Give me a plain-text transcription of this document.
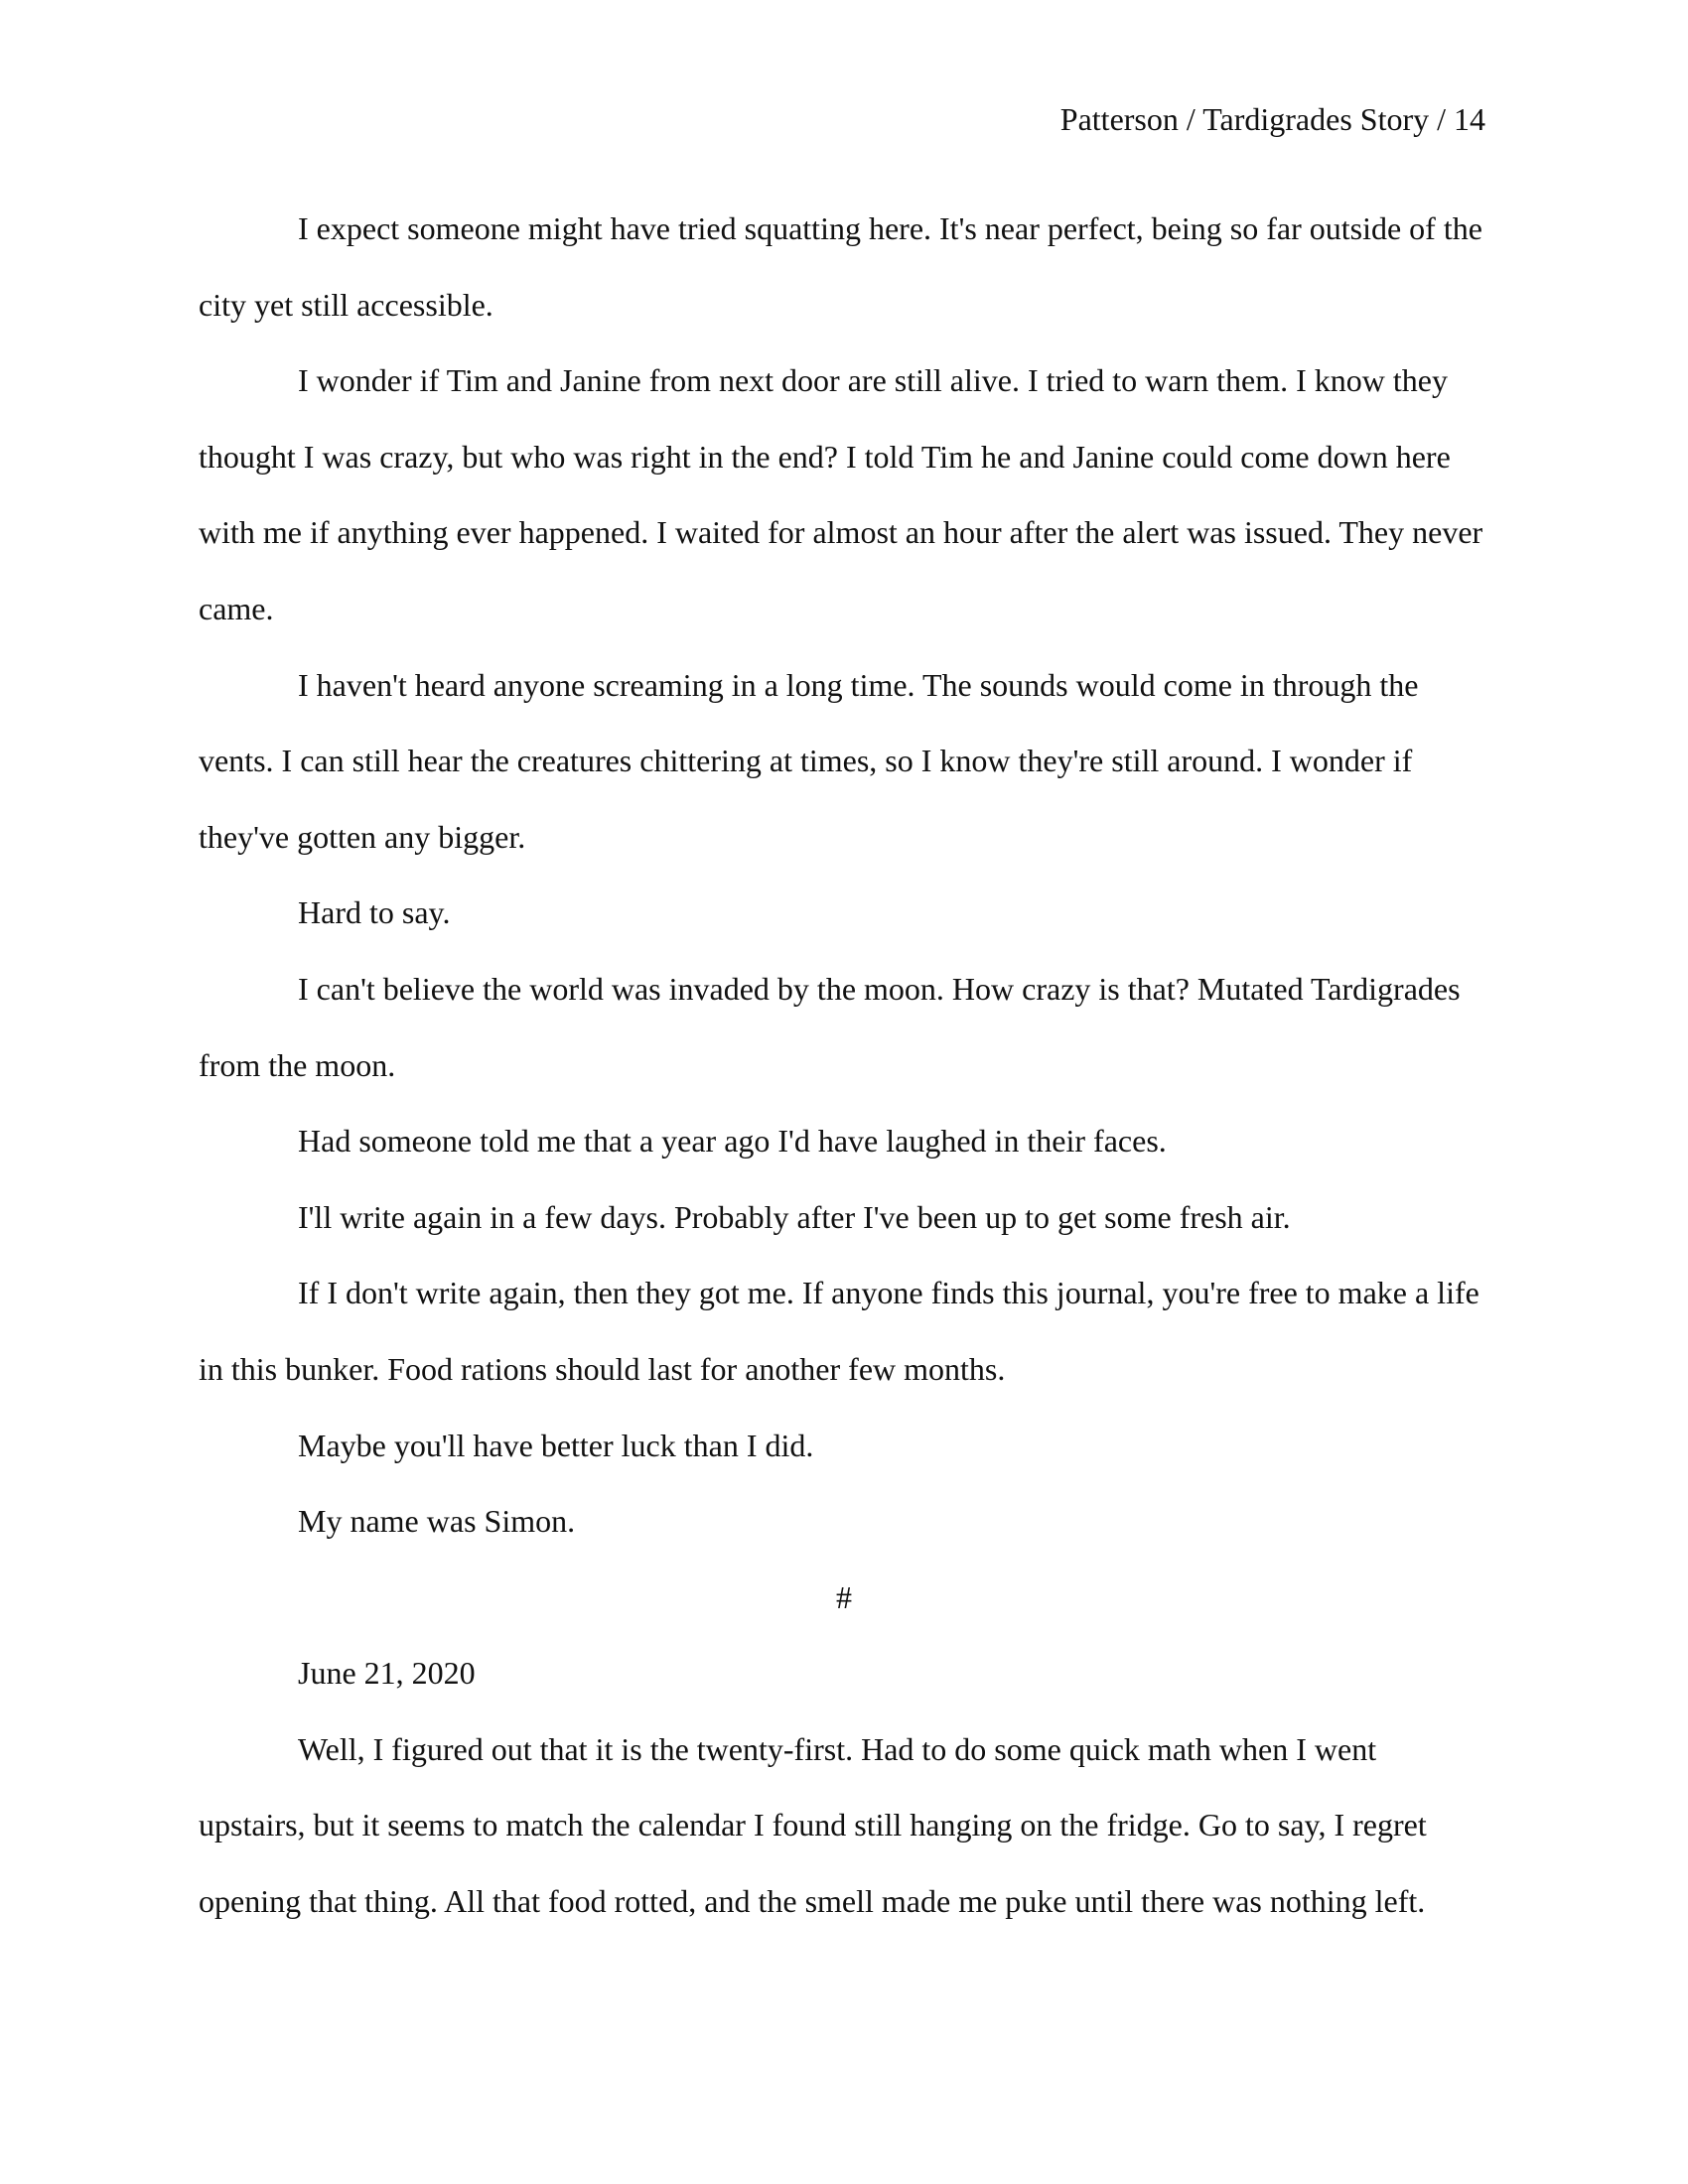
Patterson / Tardigrades Story / 14

I expect someone might have tried squatting here. It's near perfect, being so far outside of the city yet still accessible.

I wonder if Tim and Janine from next door are still alive. I tried to warn them. I know they thought I was crazy, but who was right in the end? I told Tim he and Janine could come down here with me if anything ever happened. I waited for almost an hour after the alert was issued. They never came.

I haven't heard anyone screaming in a long time. The sounds would come in through the vents. I can still hear the creatures chittering at times, so I know they're still around. I wonder if they've gotten any bigger.

Hard to say.

I can't believe the world was invaded by the moon. How crazy is that? Mutated Tardigrades from the moon.

Had someone told me that a year ago I'd have laughed in their faces.

I'll write again in a few days. Probably after I've been up to get some fresh air.

If I don't write again, then they got me. If anyone finds this journal, you're free to make a life in this bunker. Food rations should last for another few months.

Maybe you'll have better luck than I did.

My name was Simon.

#

June 21, 2020

Well, I figured out that it is the twenty-first. Had to do some quick math when I went upstairs, but it seems to match the calendar I found still hanging on the fridge. Go to say, I regret opening that thing. All that food rotted, and the smell made me puke until there was nothing left.
